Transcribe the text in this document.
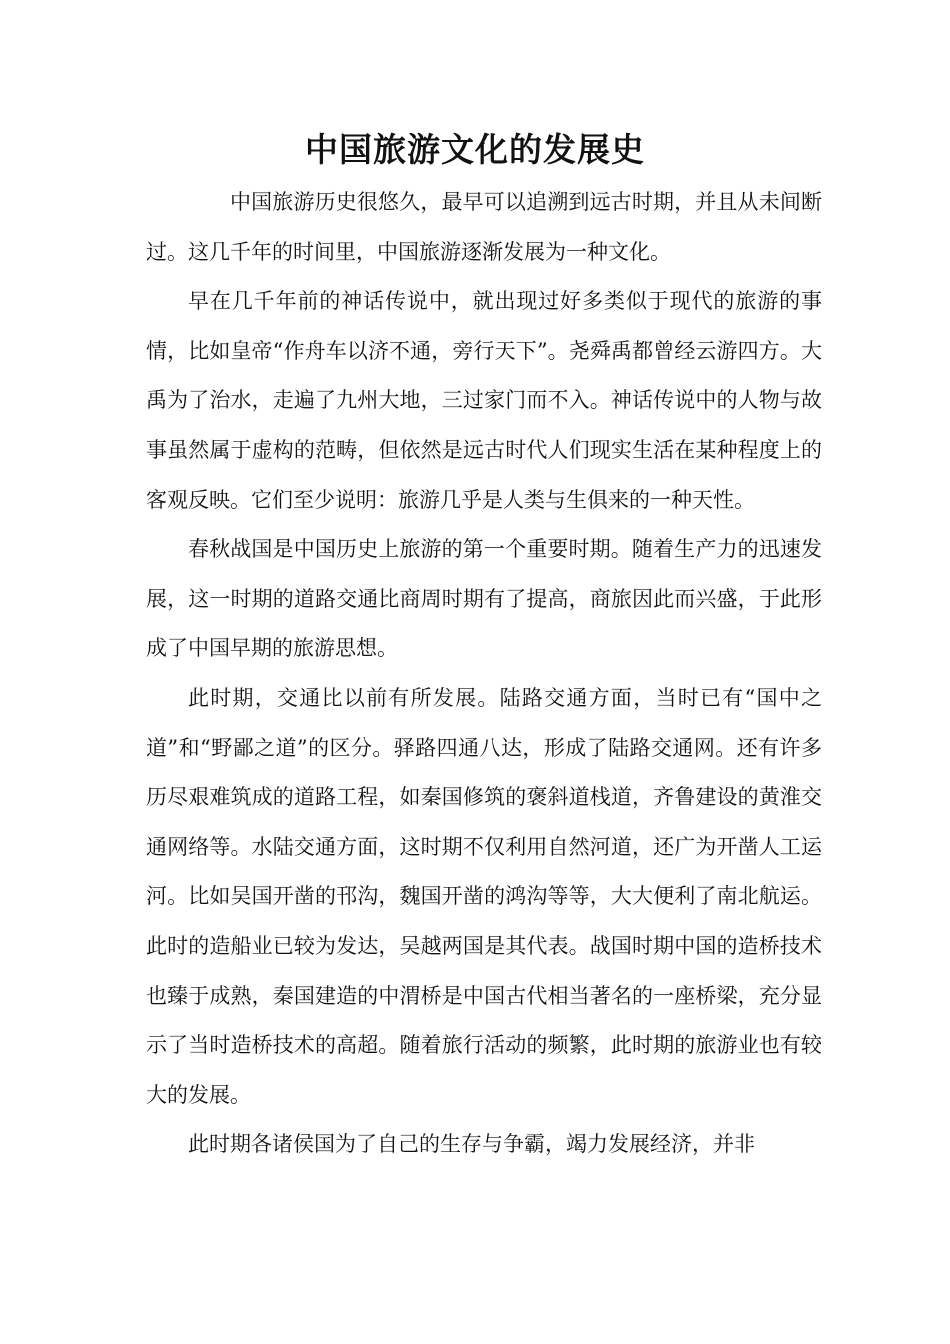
中国旅游文化的发展史

中国旅游历史很悠久，最早可以追溯到远古时期，并且从未间断过。这几千年的时间里，中国旅游逐渐发展为一种文化。

早在几千年前的神话传说中，就出现过好多类似于现代的旅游的事情，比如皇帝“作舟车以济不通，旁行天下”。尧舜禹都曾经云游四方。大禹为了治水，走遍了九州大地，三过家门而不入。神话传说中的人物与故事虽然属于虚构的范畴，但依然是远古时代人们现实生活在某种程度上的客观反映。它们至少说明：旅游几乎是人类与生俱来的一种天性。

春秋战国是中国历史上旅游的第一个重要时期。随着生产力的迅速发展，这一时期的道路交通比商周时期有了提高，商旅因此而兴盛，于此形成了中国早期的旅游思想。

此时期，交通比以前有所发展。陆路交通方面，当时已有“国中之道”和“野鄙之道”的区分。驿路四通八达，形成了陆路交通网。还有许多历尽艰难筑成的道路工程，如秦国修筑的褒斜道栈道，齐鲁建设的黄淮交通网络等。水陆交通方面，这时期不仅利用自然河道，还广为开凿人工运河。比如吴国开凿的邗沟，魏国开凿的鸿沟等等，大大便利了南北航运。此时的造船业已较为发达，吴越两国是其代表。战国时期中国的造桥技术也臻于成熟，秦国建造的中渭桥是中国古代相当著名的一座桥梁，充分显示了当时造桥技术的高超。随着旅行活动的频繁，此时期的旅游业也有较大的发展。

此时期各诸侯国为了自己的生存与争霸，竭力发展经济，并非
